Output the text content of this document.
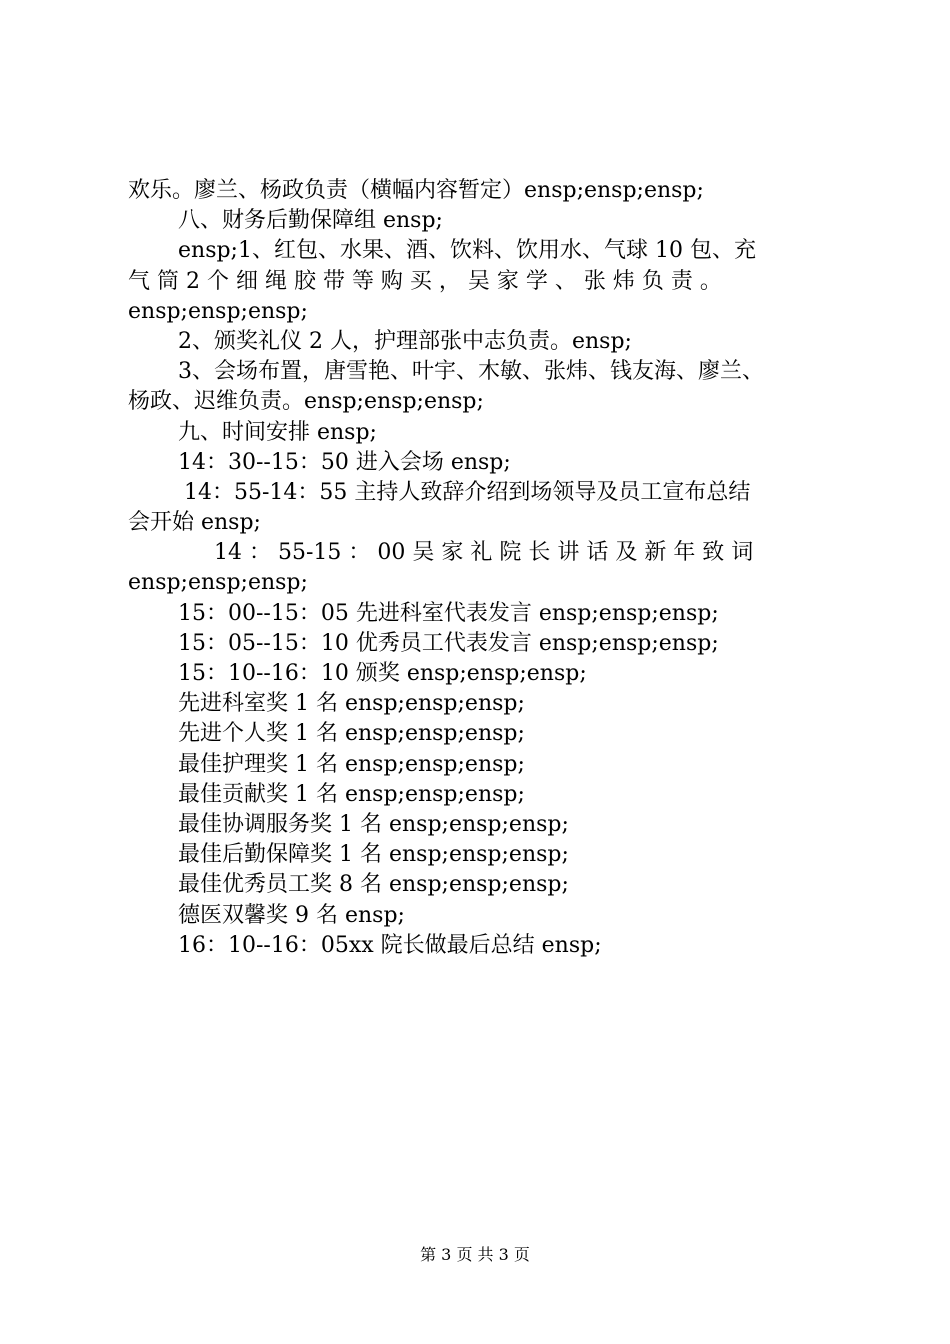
欢乐。廖兰、杨政负责（横幅内容暂定）ensp;ensp;ensp;
八、财务后勤保障组 ensp;
ensp;1、红包、水果、酒、饮料、饮用水、气球 10 包、充
气 筒 2 个 细 绳 胶 带 等 购 买 ， 吴 家 学 、 张 炜 负 责 。
ensp;ensp;ensp;
2、颁奖礼仪 2 人，护理部张中志负责。ensp;
3、会场布置，唐雪艳、叶宇、木敏、张炜、钱友海、廖兰、
杨政、迟维负责。ensp;ensp;ensp;
九、时间安排 ensp;
14：30--15：50 进入会场 ensp;
14：55-14：55 主持人致辞介绍到场领导及员工宣布总结
会开始 ensp;
14 ： 55-15 ： 00 吴 家 礼 院 长 讲 话 及 新 年 致 词
ensp;ensp;ensp;
15：00--15：05 先进科室代表发言 ensp;ensp;ensp;
15：05--15：10 优秀员工代表发言 ensp;ensp;ensp;
15：10--16：10 颁奖 ensp;ensp;ensp;
先进科室奖 1 名 ensp;ensp;ensp;
先进个人奖 1 名 ensp;ensp;ensp;
最佳护理奖 1 名 ensp;ensp;ensp;
最佳贡献奖 1 名 ensp;ensp;ensp;
最佳协调服务奖 1 名 ensp;ensp;ensp;
最佳后勤保障奖 1 名 ensp;ensp;ensp;
最佳优秀员工奖 8 名 ensp;ensp;ensp;
德医双馨奖 9 名 ensp;
16：10--16：05xx 院长做最后总结 ensp;
第 3 页 共 3 页
